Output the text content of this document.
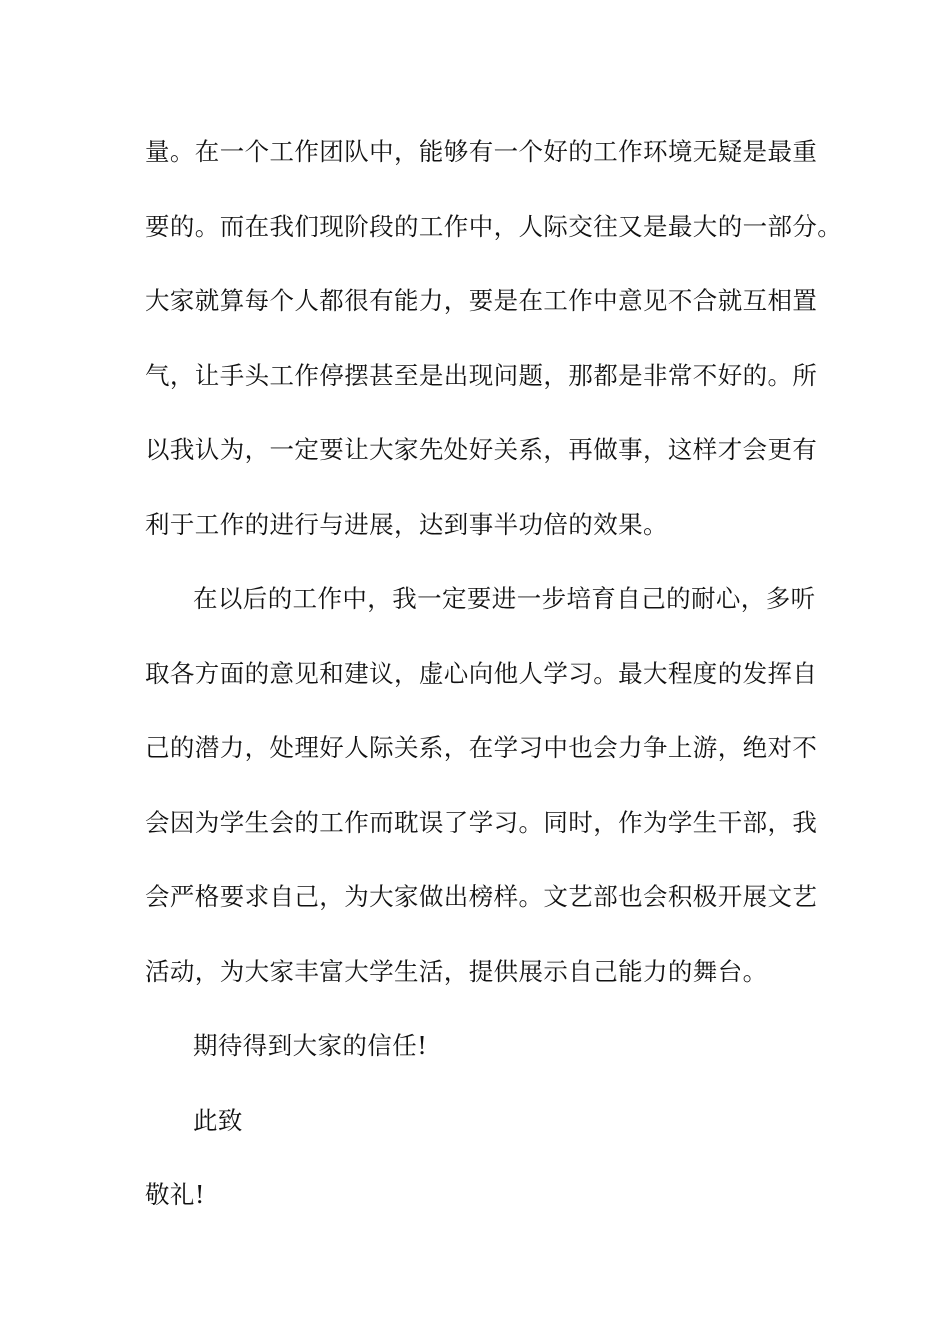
量。在一个工作团队中，能够有一个好的工作环境无疑是最重
要的。而在我们现阶段的工作中，人际交往又是最大的一部分。
大家就算每个人都很有能力，要是在工作中意见不合就互相置
气，让手头工作停摆甚至是出现问题，那都是非常不好的。所
以我认为，一定要让大家先处好关系，再做事，这样才会更有
利于工作的进行与进展，达到事半功倍的效果。
在以后的工作中，我一定要进一步培育自己的耐心，多听
取各方面的意见和建议，虚心向他人学习。最大程度的发挥自
己的潜力，处理好人际关系，在学习中也会力争上游，绝对不
会因为学生会的工作而耽误了学习。同时，作为学生干部，我
会严格要求自己，为大家做出榜样。文艺部也会积极开展文艺
活动，为大家丰富大学生活，提供展示自己能力的舞台。
期待得到大家的信任!
此致
敬礼!
